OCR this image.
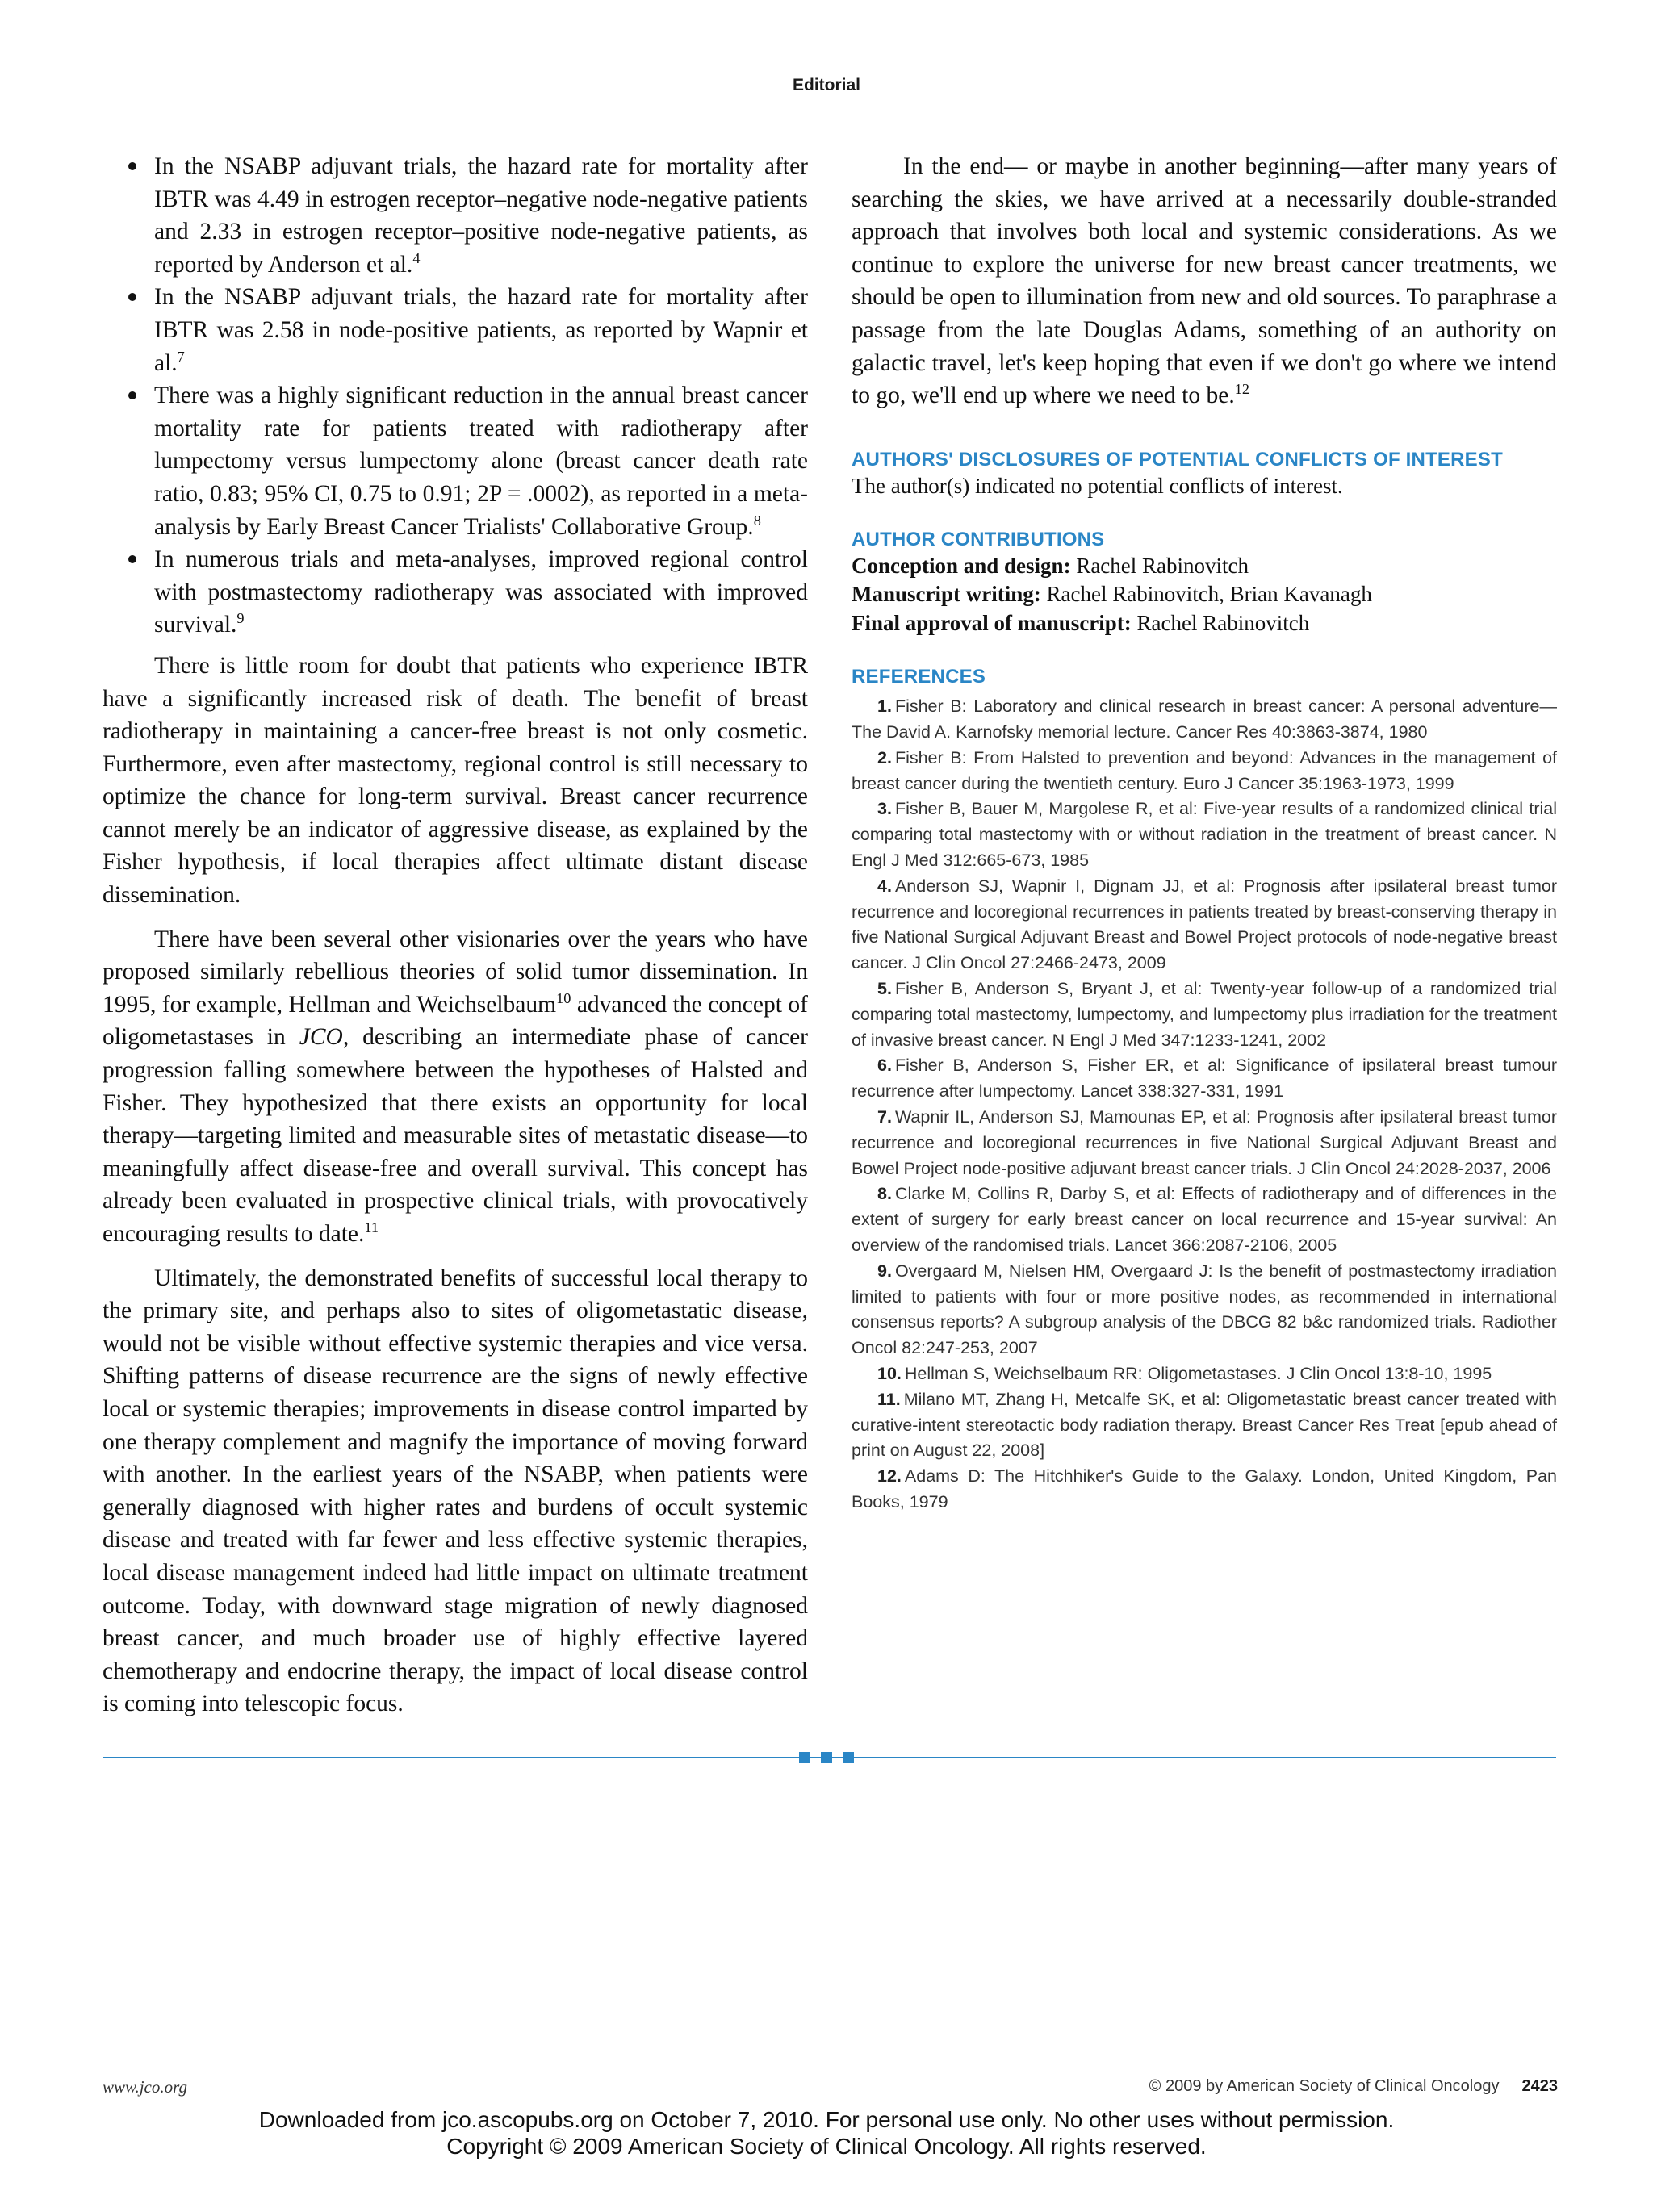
Editorial

In the NSABP adjuvant trials, the hazard rate for mortality after IBTR was 4.49 in estrogen receptor–negative node-negative patients and 2.33 in estrogen receptor–positive node-negative patients, as reported by Anderson et al.$^4$

In the NSABP adjuvant trials, the hazard rate for mortality after IBTR was 2.58 in node-positive patients, as reported by Wapnir et al.$^7$

There was a highly significant reduction in the annual breast cancer mortality rate for patients treated with radiotherapy after lumpectomy versus lumpectomy alone (breast cancer death rate ratio, 0.83; 95% CI, 0.75 to 0.91; 2P = .0002), as reported in a meta-analysis by Early Breast Cancer Trialists' Collaborative Group.$^8$

In numerous trials and meta-analyses, improved regional control with postmastectomy radiotherapy was associated with improved survival.$^9$

There is little room for doubt that patients who experience IBTR have a significantly increased risk of death. The benefit of breast radiotherapy in maintaining a cancer-free breast is not only cosmetic. Furthermore, even after mastectomy, regional control is still necessary to optimize the chance for long-term survival. Breast cancer recurrence cannot merely be an indicator of aggressive disease, as explained by the Fisher hypothesis, if local therapies affect ultimate distant disease dissemination.

There have been several other visionaries over the years who have proposed similarly rebellious theories of solid tumor dissemination. In 1995, for example, Hellman and Weichselbaum$^{10}$ advanced the concept of oligometastases in JCO, describing an intermediate phase of cancer progression falling somewhere between the hypotheses of Halsted and Fisher. They hypothesized that there exists an opportunity for local therapy—targeting limited and measurable sites of metastatic disease—to meaningfully affect disease-free and overall survival. This concept has already been evaluated in prospective clinical trials, with provocatively encouraging results to date.$^{11}$

Ultimately, the demonstrated benefits of successful local therapy to the primary site, and perhaps also to sites of oligometastatic disease, would not be visible without effective systemic therapies and vice versa. Shifting patterns of disease recurrence are the signs of newly effective local or systemic therapies; improvements in disease control imparted by one therapy complement and magnify the importance of moving forward with another. In the earliest years of the NSABP, when patients were generally diagnosed with higher rates and burdens of occult systemic disease and treated with far fewer and less effective systemic therapies, local disease management indeed had little impact on ultimate treatment outcome. Today, with downward stage migration of newly diagnosed breast cancer, and much broader use of highly effective layered chemotherapy and endocrine therapy, the impact of local disease control is coming into telescopic focus.

In the end— or maybe in another beginning—after many years of searching the skies, we have arrived at a necessarily double-stranded approach that involves both local and systemic considerations. As we continue to explore the universe for new breast cancer treatments, we should be open to illumination from new and old sources. To paraphrase a passage from the late Douglas Adams, something of an authority on galactic travel, let's keep hoping that even if we don't go where we intend to go, we'll end up where we need to be.$^{12}$

AUTHORS' DISCLOSURES OF POTENTIAL CONFLICTS OF INTEREST

The author(s) indicated no potential conflicts of interest.

AUTHOR CONTRIBUTIONS

Conception and design: Rachel Rabinovitch

Manuscript writing: Rachel Rabinovitch, Brian Kavanagh

Final approval of manuscript: Rachel Rabinovitch

REFERENCES

1. Fisher B: Laboratory and clinical research in breast cancer: A personal adventure—The David A. Karnofsky memorial lecture. Cancer Res 40:3863-3874, 1980

2. Fisher B: From Halsted to prevention and beyond: Advances in the management of breast cancer during the twentieth century. Euro J Cancer 35:1963-1973, 1999

3. Fisher B, Bauer M, Margolese R, et al: Five-year results of a randomized clinical trial comparing total mastectomy with or without radiation in the treatment of breast cancer. N Engl J Med 312:665-673, 1985

4. Anderson SJ, Wapnir I, Dignam JJ, et al: Prognosis after ipsilateral breast tumor recurrence and locoregional recurrences in patients treated by breast-conserving therapy in five National Surgical Adjuvant Breast and Bowel Project protocols of node-negative breast cancer. J Clin Oncol 27:2466-2473, 2009

5. Fisher B, Anderson S, Bryant J, et al: Twenty-year follow-up of a randomized trial comparing total mastectomy, lumpectomy, and lumpectomy plus irradiation for the treatment of invasive breast cancer. N Engl J Med 347:1233-1241, 2002

6. Fisher B, Anderson S, Fisher ER, et al: Significance of ipsilateral breast tumour recurrence after lumpectomy. Lancet 338:327-331, 1991

7. Wapnir IL, Anderson SJ, Mamounas EP, et al: Prognosis after ipsilateral breast tumor recurrence and locoregional recurrences in five National Surgical Adjuvant Breast and Bowel Project node-positive adjuvant breast cancer trials. J Clin Oncol 24:2028-2037, 2006

8. Clarke M, Collins R, Darby S, et al: Effects of radiotherapy and of differences in the extent of surgery for early breast cancer on local recurrence and 15-year survival: An overview of the randomised trials. Lancet 366:2087-2106, 2005

9. Overgaard M, Nielsen HM, Overgaard J: Is the benefit of postmastectomy irradiation limited to patients with four or more positive nodes, as recommended in international consensus reports? A subgroup analysis of the DBCG 82 b&c randomized trials. Radiother Oncol 82:247-253, 2007

10. Hellman S, Weichselbaum RR: Oligometastases. J Clin Oncol 13:8-10, 1995

11. Milano MT, Zhang H, Metcalfe SK, et al: Oligometastatic breast cancer treated with curative-intent stereotactic body radiation therapy. Breast Cancer Res Treat [epub ahead of print on August 22, 2008]

12. Adams D: The Hitchhiker's Guide to the Galaxy. London, United Kingdom, Pan Books, 1979

www.jco.org	© 2009 by American Society of Clinical Oncology 2423
Downloaded from jco.ascopubs.org on October 7, 2010. For personal use only. No other uses without permission.
Copyright © 2009 American Society of Clinical Oncology. All rights reserved.
